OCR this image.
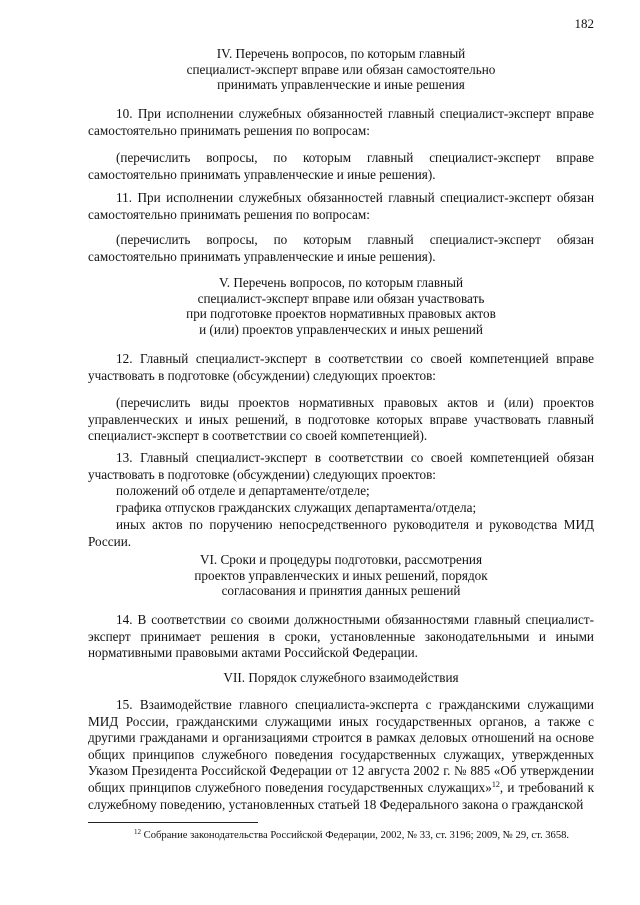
182
IV. Перечень вопросов, по которым главный
специалист-эксперт вправе или обязан самостоятельно
принимать управленческие и иные решения
10. При исполнении служебных обязанностей главный специалист-эксперт вправе самостоятельно принимать решения по вопросам:
(перечислить вопросы, по которым главный специалист-эксперт вправе самостоятельно принимать управленческие и иные решения).
11. При исполнении служебных обязанностей главный специалист-эксперт обязан самостоятельно принимать решения по вопросам:
(перечислить вопросы, по которым главный специалист-эксперт обязан самостоятельно принимать управленческие и иные решения).
V. Перечень вопросов, по которым главный
специалист-эксперт вправе или обязан участвовать
при подготовке проектов нормативных правовых актов
и (или) проектов управленческих и иных решений
12. Главный специалист-эксперт в соответствии со своей компетенцией вправе участвовать в подготовке (обсуждении) следующих проектов:
(перечислить виды проектов нормативных правовых актов и (или) проектов управленческих и иных решений, в подготовке которых вправе участвовать главный специалист-эксперт в соответствии со своей компетенцией).
13. Главный специалист-эксперт в соответствии со своей компетенцией обязан участвовать в подготовке (обсуждении) следующих проектов:
положений об отделе и департаменте/отделе;
графика отпусков гражданских служащих департамента/отдела;
иных актов по поручению непосредственного руководителя и руководства МИД России.
VI. Сроки и процедуры подготовки, рассмотрения
проектов управленческих и иных решений, порядок
согласования и принятия данных решений
14. В соответствии со своими должностными обязанностями главный специалист-эксперт принимает решения в сроки, установленные законодательными и иными нормативными правовыми актами Российской Федерации.
VII. Порядок служебного взаимодействия
15. Взаимодействие главного специалиста-эксперта с гражданскими служащими МИД России, гражданскими служащими иных государственных органов, а также с другими гражданами и организациями строится в рамках деловых отношений на основе общих принципов служебного поведения государственных служащих, утвержденных Указом Президента Российской Федерации от 12 августа 2002 г. № 885 «Об утверждении общих принципов служебного поведения государственных служащих»$^{12}$, и требований к служебному поведению, установленных статьей 18 Федерального закона о гражданской
$^{12}$ Собрание законодательства Российской Федерации, 2002, № 33, ст. 3196; 2009, № 29, ст. 3658.
